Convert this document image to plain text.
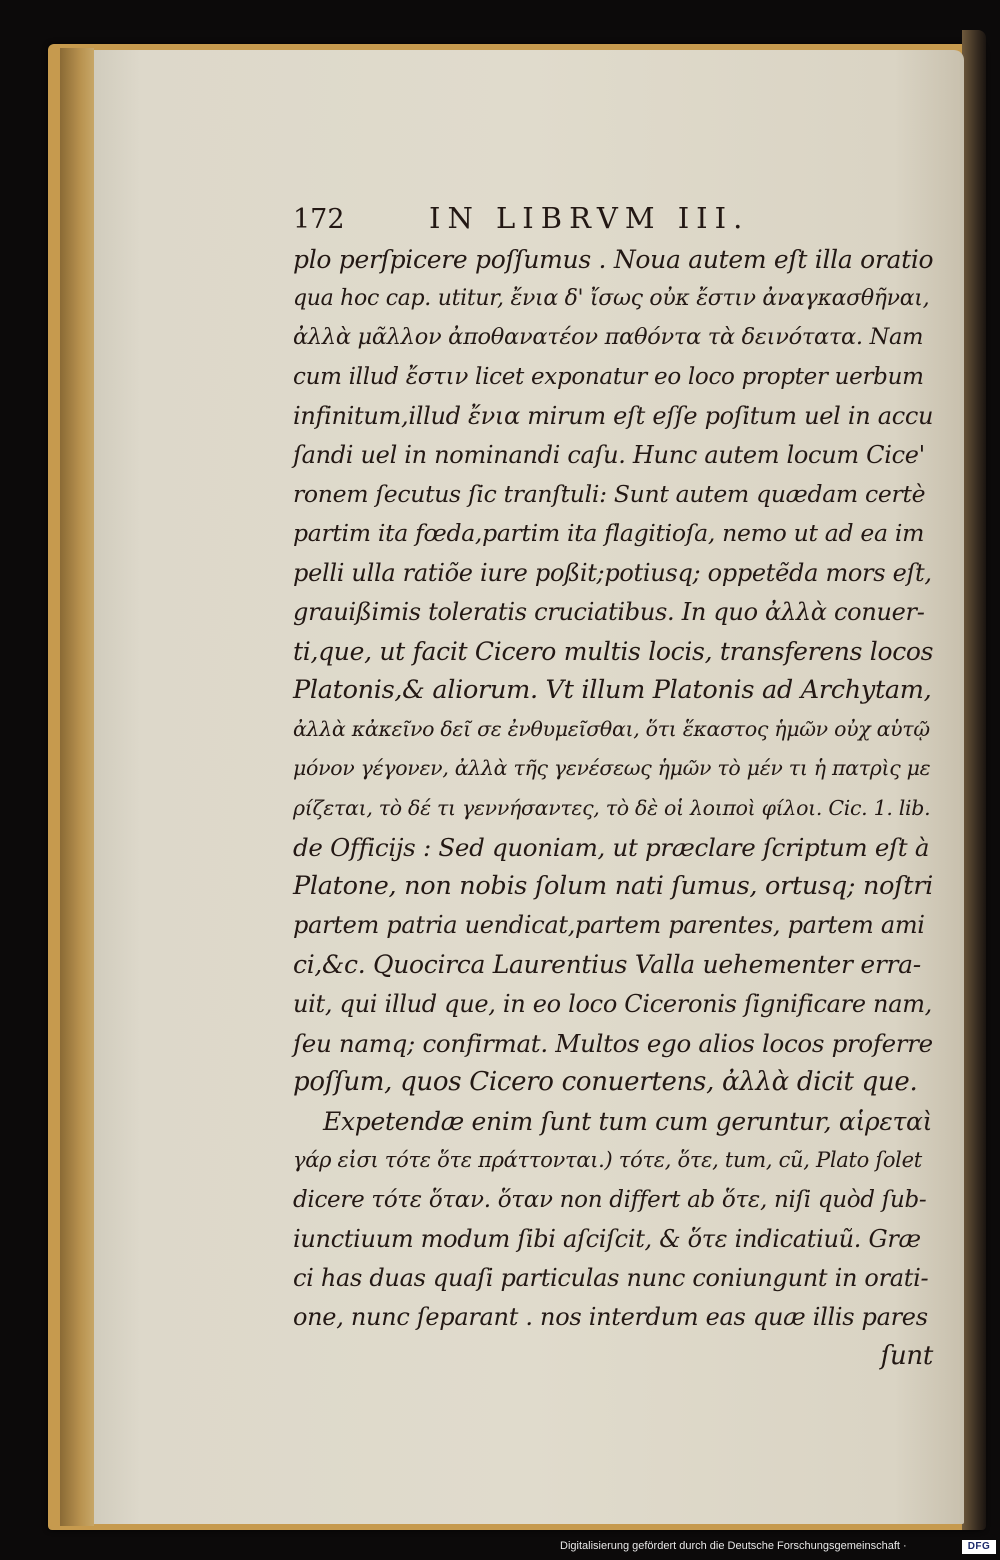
172	IN LIBRVM III.
plo perſpicere poſſumus . Noua autem eſt illa oratio
qua hoc cap. utitur, ἔνια δ' ἴσως οὐκ ἔστιν ἀναγκασθῆναι,
ἀλλὰ μᾶλλον ἀποθανατέον παθόντα τὰ δεινότατα. Nam
cum illud ἔστιν licet exponatur eo loco propter uerbum
infinitum,illud ἔνια mirum eſt eſſe poſitum uel in accu
ſandi uel in nominandi caſu. Hunc autem locum Cice'
ronem ſecutus ſic tranſtuli: Sunt autem quædam certè
partim ita fœda,partim ita flagitioſa, nemo ut ad ea im
pelli ulla ratiõe iure poßit;potiusq; oppetẽda mors eſt,
grauißimis toleratis cruciatibus. In quo ἀλλὰ conuer-
ti,que, ut facit Cicero multis locis, transferens locos
Platonis,& aliorum. Vt illum Platonis ad Archytam,
ἀλλὰ κἀκεῖνο δεῖ σε ἐνθυμεῖσθαι, ὅτι ἕκαστος ἡμῶν οὐχ αὑτῷ
μόνον γέγονεν, ἀλλὰ τῆς γενέσεως ἡμῶν τὸ μέν τι ἡ πατρὶς με
ρίζεται, τὸ δέ τι γεννήσαντες, τὸ δὲ οἱ λοιποὶ φίλοι. Cic. 1. lib.
de Officijs : Sed quoniam, ut præclare ſcriptum eſt à
Platone, non nobis ſolum nati ſumus, ortusq; noſtri
partem patria uendicat,partem parentes, partem ami
ci,&c. Quocirca Laurentius Valla uehementer erra-
uit, qui illud que, in eo loco Ciceronis ſignificare nam,
ſeu namq; confirmat. Multos ego alios locos proferre
poſſum, quos Cicero conuertens, ἀλλὰ dicit que.
Expetendæ enim ſunt tum cum geruntur, αἱρεταὶ
γάρ εἰσι τότε ὅτε πράττονται.) τότε, ὅτε, tum, cũ, Plato ſolet
dicere τότε ὅταν. ὅταν non differt ab ὅτε, niſi quòd ſub-
iunctiuum modum ſibi aſciſcit, & ὅτε indicatiuũ. Græ
ci has duas quaſi particulas nunc coniungunt in orati-
one, nunc ſeparant . nos interdum eas quæ illis pares
ſunt
Digitalisierung gefördert durch die Deutsche Forschungsgemeinschaft ·	DFG
